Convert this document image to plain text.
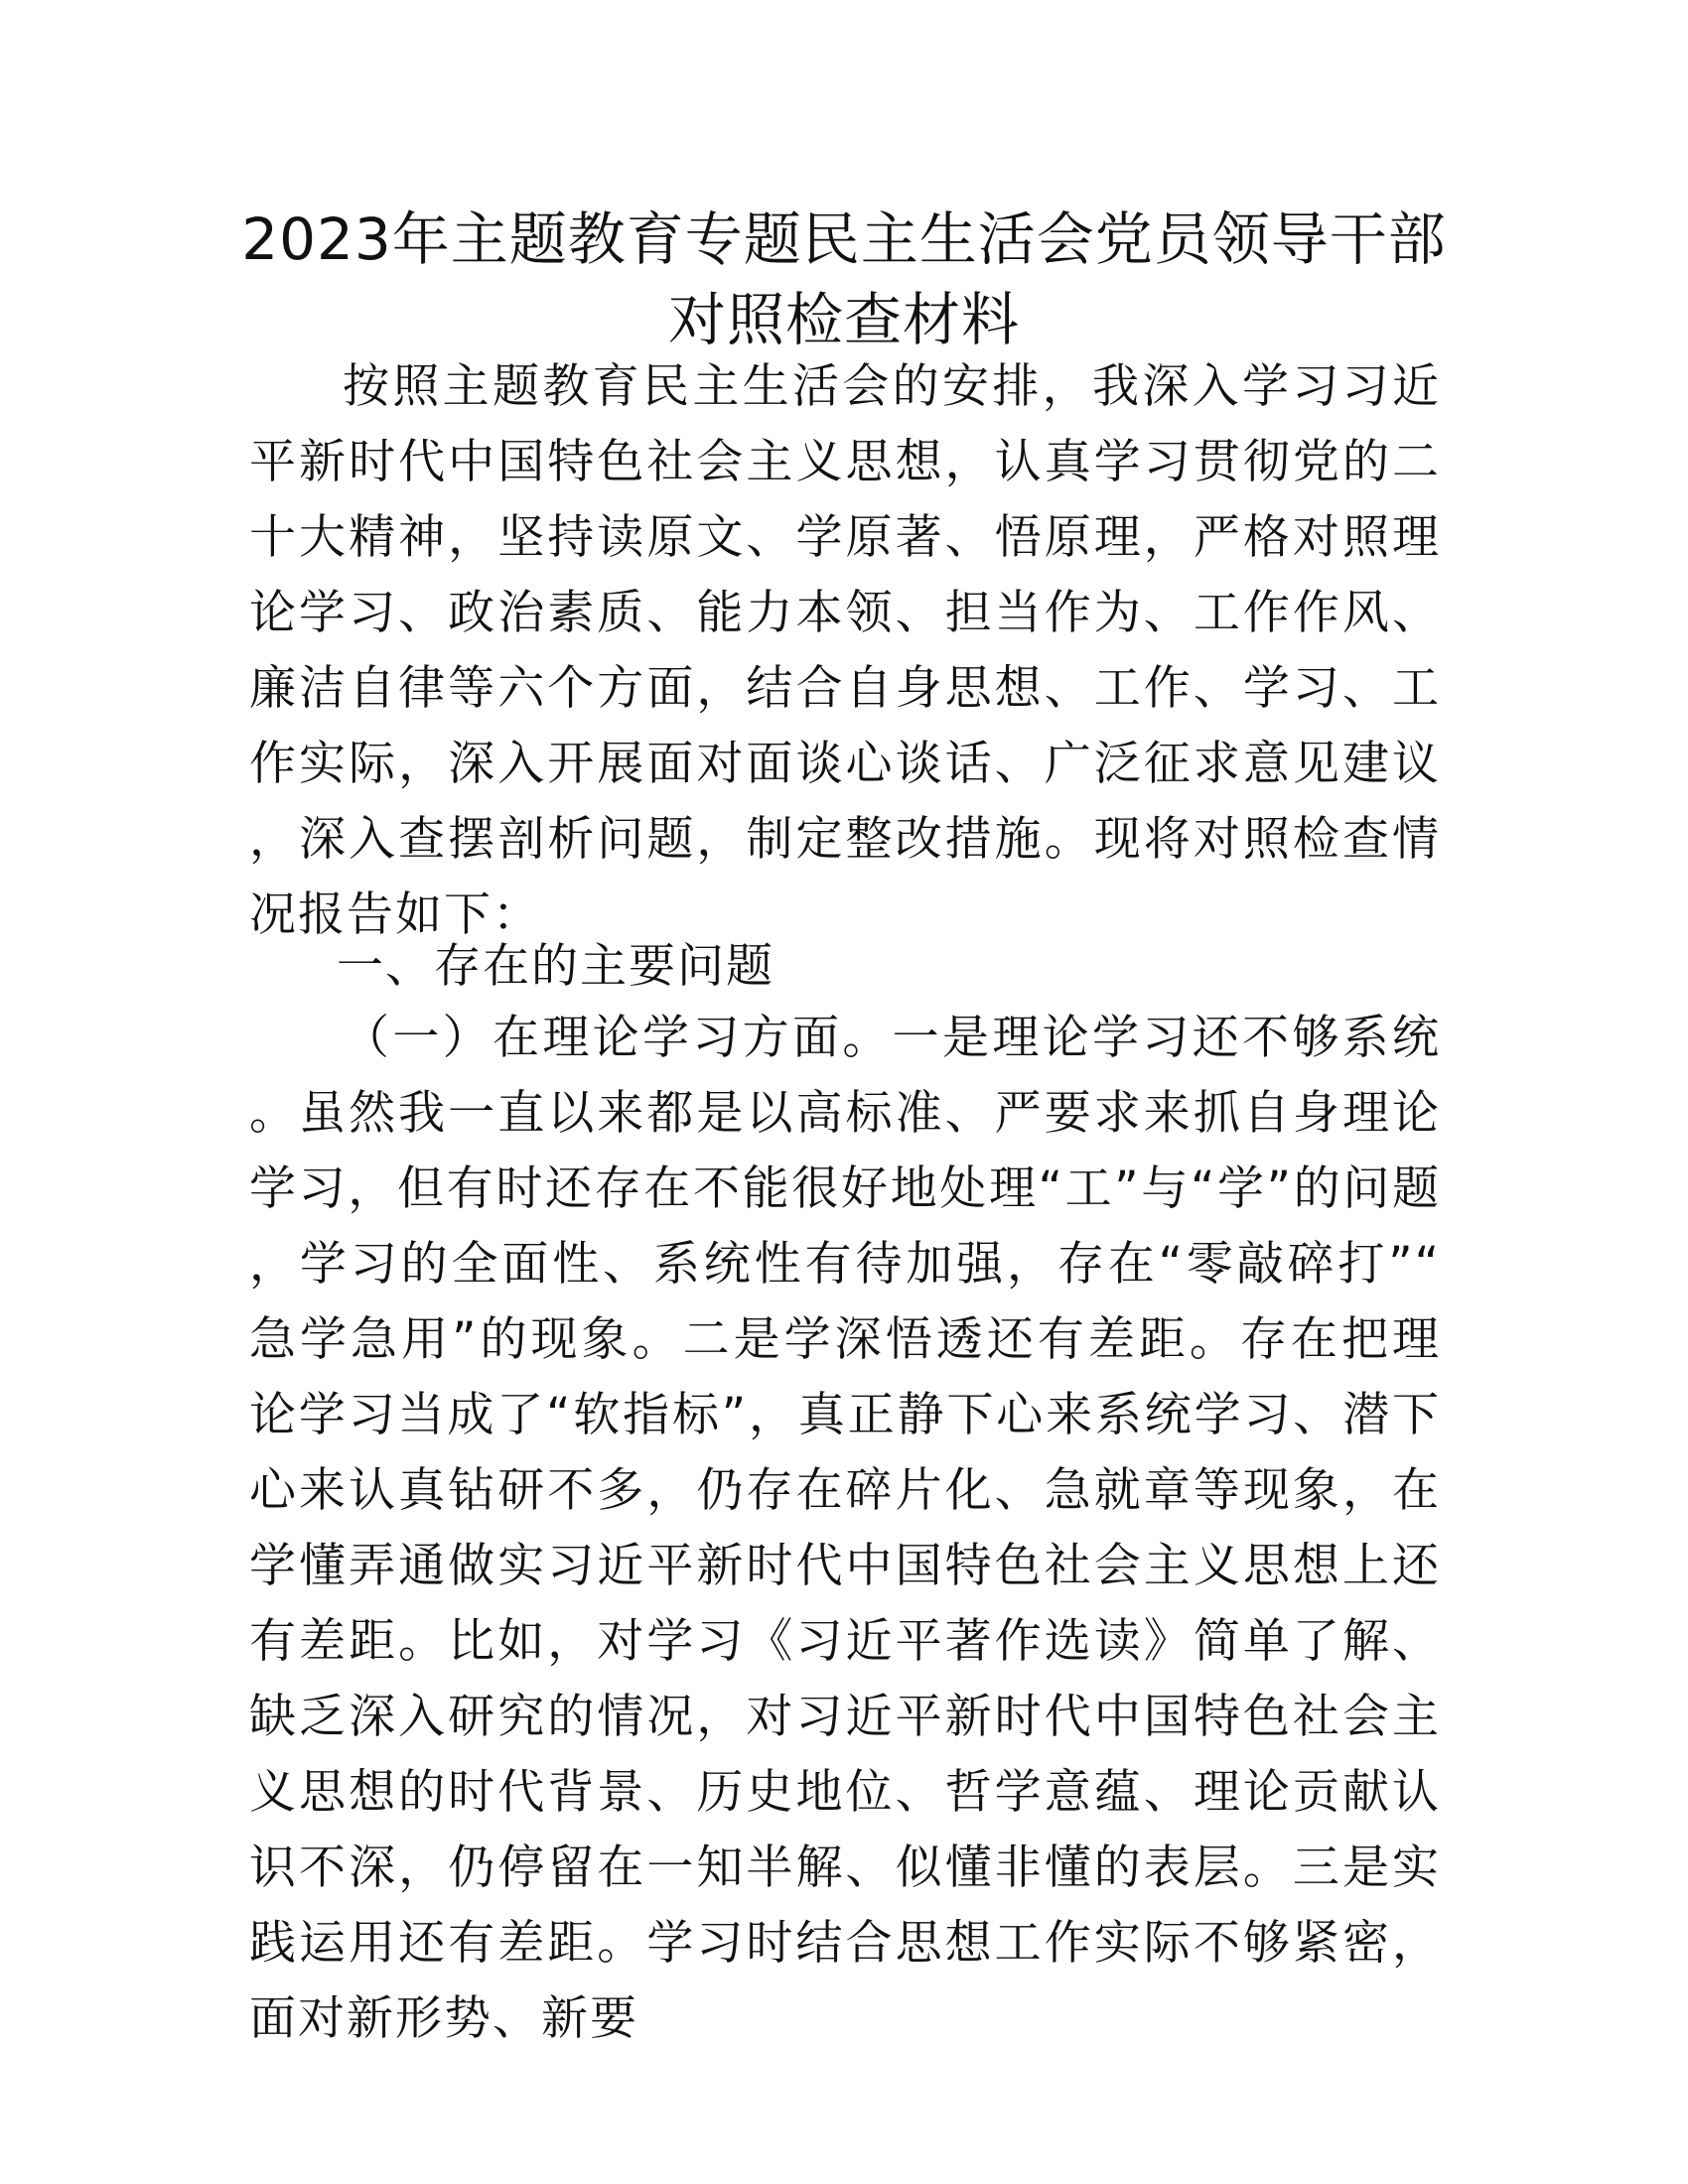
2023年主题教育专题民主生活会党员领导干部
对照检查材料

按照主题教育民主生活会的安排，我深入学习习近平新时代中国特色社会主义思想，认真学习贯彻党的二十大精神，坚持读原文、学原著、悟原理，严格对照理论学习、政治素质、能力本领、担当作为、工作作风、廉洁自律等六个方面，结合自身思想、工作、学习、工作实际，深入开展面对面谈心谈话、广泛征求意见建议，深入查摆剖析问题，制定整改措施。现将对照检查情况报告如下：

一、存在的主要问题

（一）在理论学习方面。一是理论学习还不够系统。虽然我一直以来都是以高标准、严要求来抓自身理论学习，但有时还存在不能很好地处理“工”与“学”的问题，学习的全面性、系统性有待加强，存在“零敲碎打”“急学急用”的现象。二是学深悟透还有差距。存在把理论学习当成了“软指标”，真正静下心来系统学习、潜下心来认真钻研不多，仍存在碎片化、急就章等现象，在学懂弄通做实习近平新时代中国特色社会主义思想上还有差距。比如，对学习《习近平著作选读》简单了解、缺乏深入研究的情况，对习近平新时代中国特色社会主义思想的时代背景、历史地位、哲学意蕴、理论贡献认识不深，仍停留在一知半解、似懂非懂的表层。三是实践运用还有差距。学习时结合思想工作实际不够紧密，面对新形势、新要
